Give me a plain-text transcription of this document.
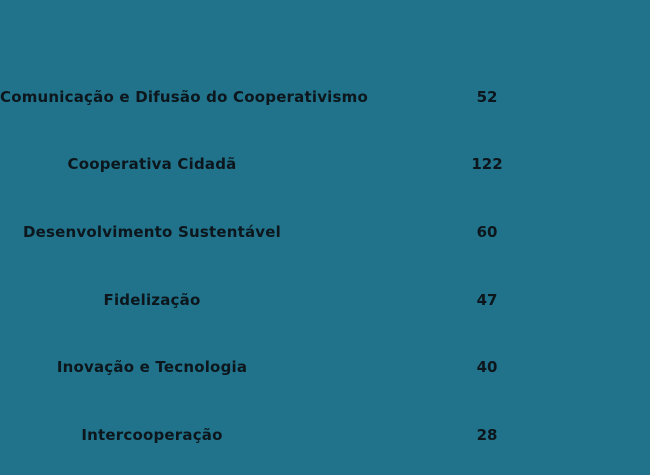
Comunicação e Difusão do Cooperativismo	52
Cooperativa Cidadã	122
Desenvolvimento Sustentável	60
Fidelização	47
Inovação e Tecnologia	40
Intercooperação	28
